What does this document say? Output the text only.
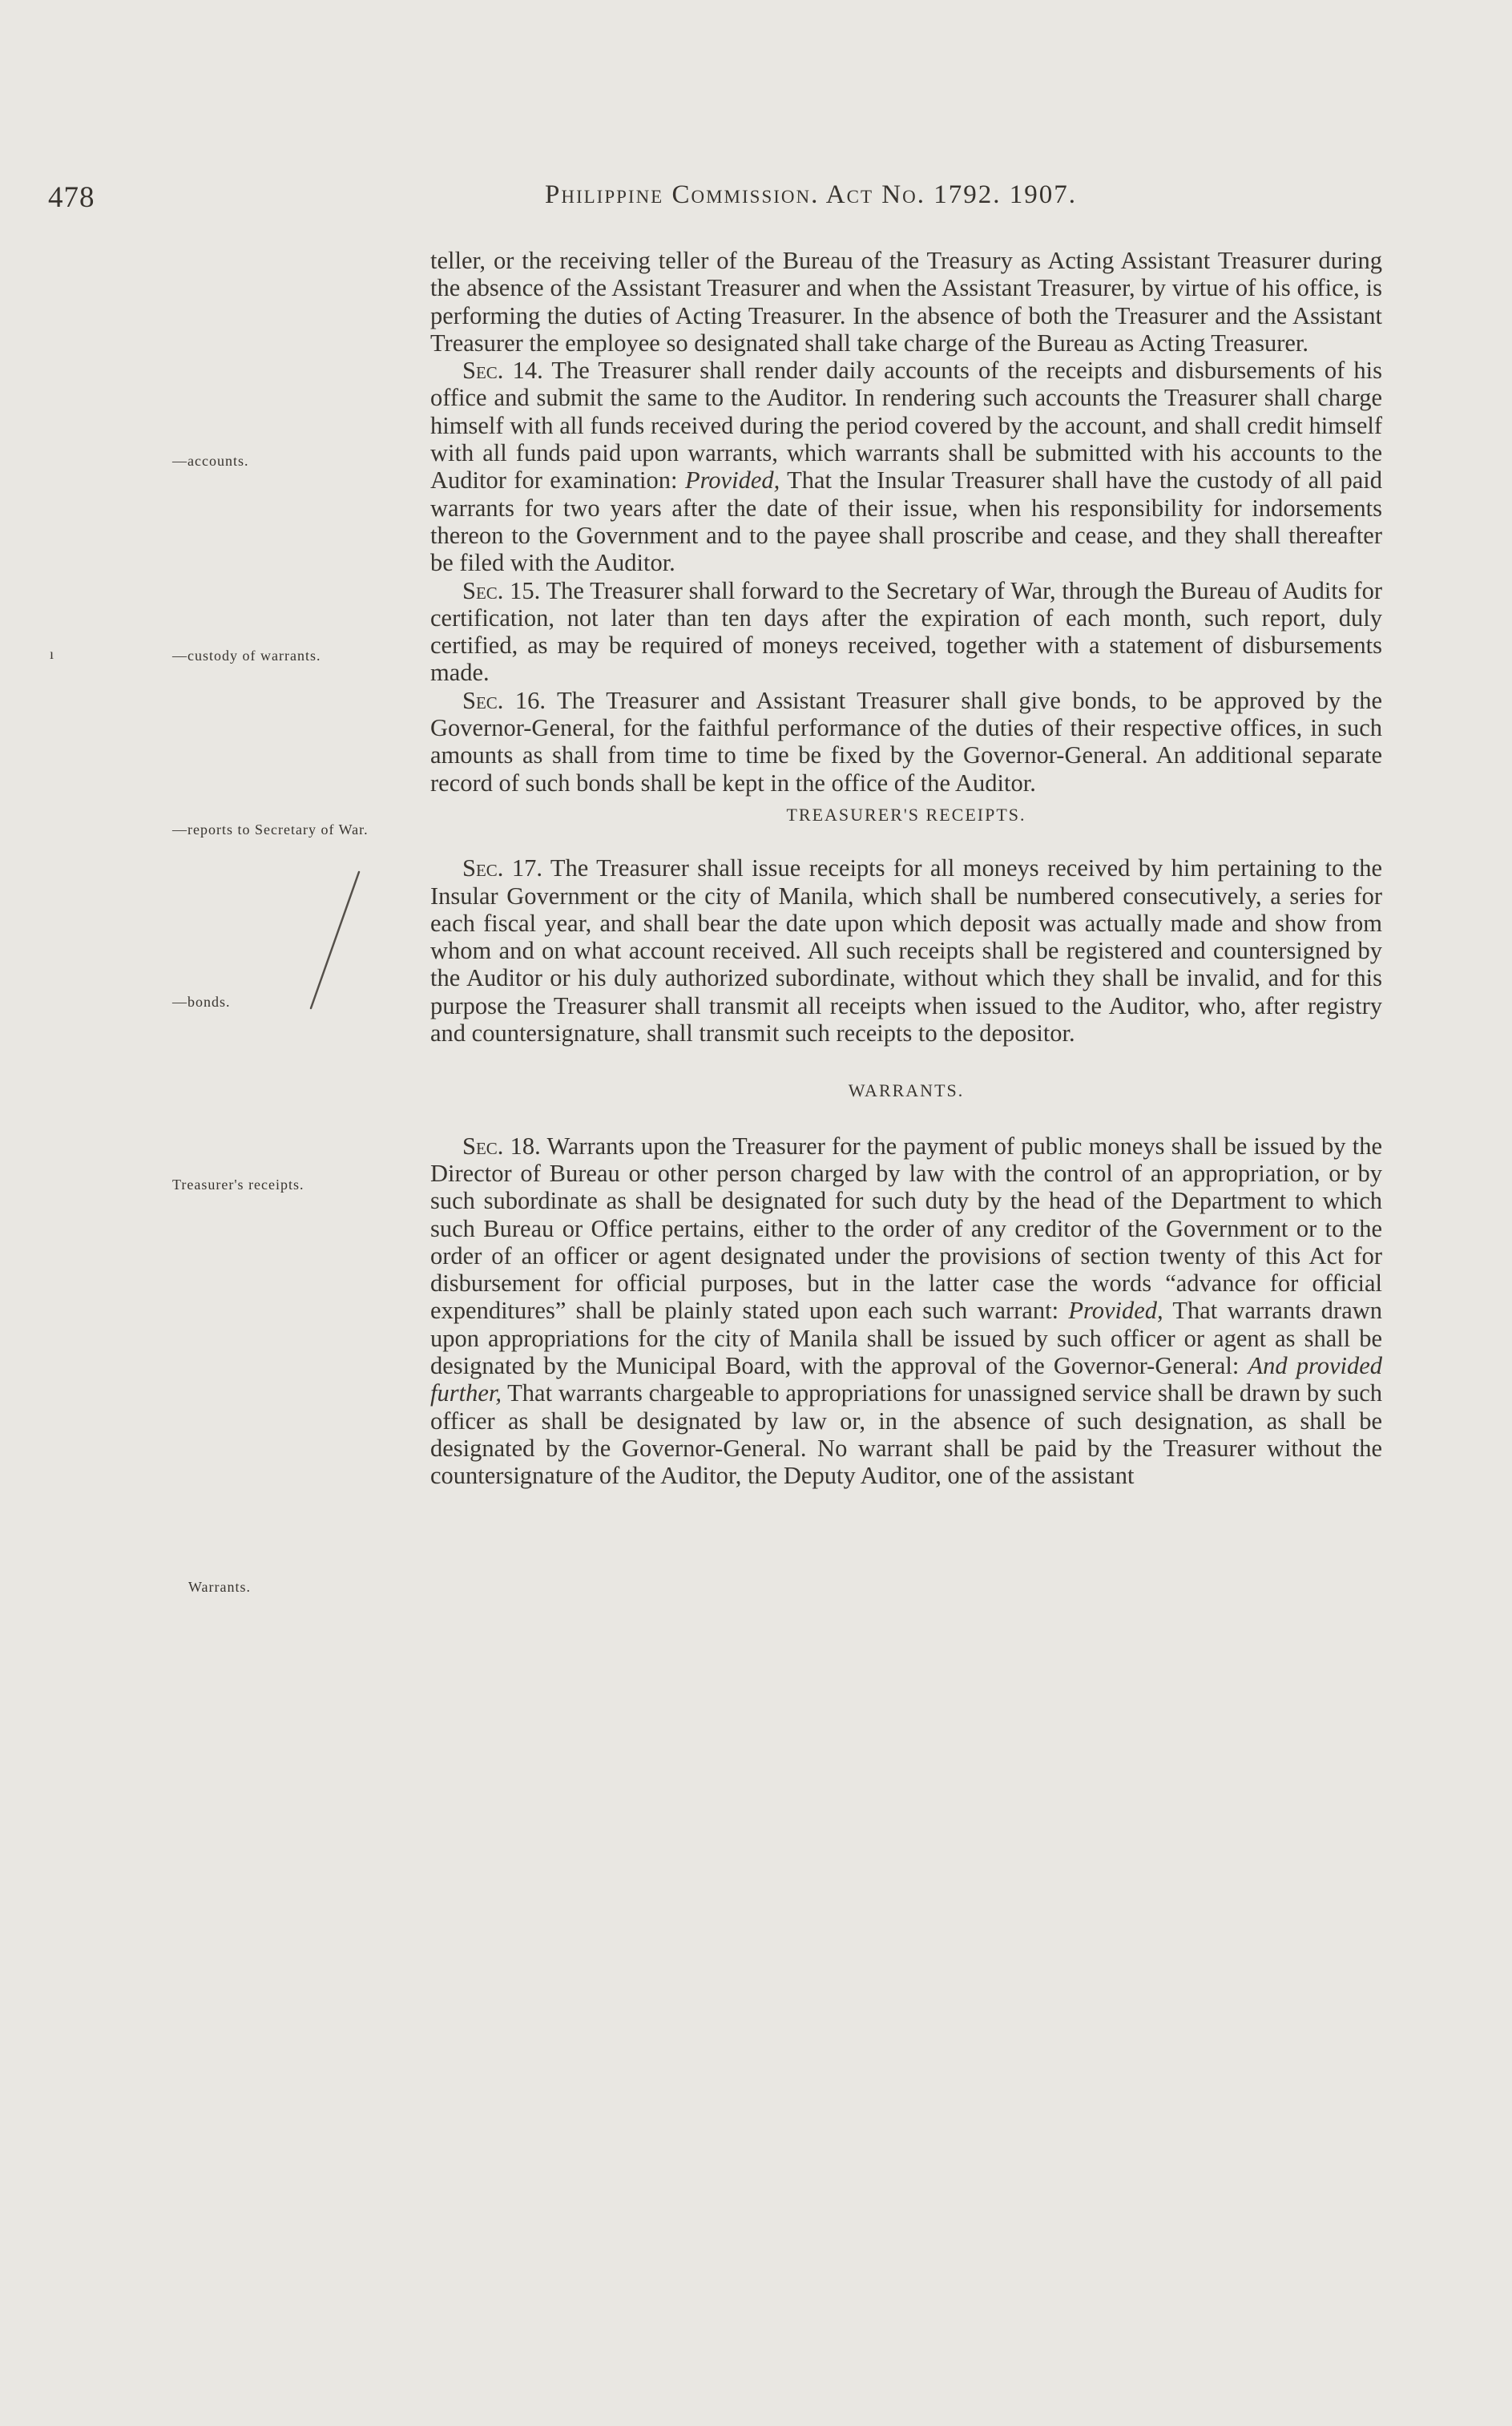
478	Philippine Commission. Act No. 1792. 1907.
ı
—accounts.
—custody of warrants.
—reports to Secretary of War.
—bonds.
Treasurer's receipts.
Warrants.

teller, or the receiving teller of the Bureau of the Treasury as Acting Assistant Treasurer during the absence of the Assistant Treasurer and when the Assistant Treasurer, by virtue of his office, is performing the duties of Acting Treasurer. In the absence of both the Treasurer and the Assistant Treasurer the employee so designated shall take charge of the Bureau as Acting Treasurer.

Sec. 14. The Treasurer shall render daily accounts of the receipts and disbursements of his office and submit the same to the Auditor. In rendering such accounts the Treasurer shall charge himself with all funds received during the period covered by the account, and shall credit himself with all funds paid upon warrants, which warrants shall be submitted with his accounts to the Auditor for examination: Provided, That the Insular Treasurer shall have the custody of all paid warrants for two years after the date of their issue, when his responsibility for indorsements thereon to the Government and to the payee shall proscribe and cease, and they shall thereafter be filed with the Auditor.

Sec. 15. The Treasurer shall forward to the Secretary of War, through the Bureau of Audits for certification, not later than ten days after the expiration of each month, such report, duly certified, as may be required of moneys received, together with a statement of disbursements made.

Sec. 16. The Treasurer and Assistant Treasurer shall give bonds, to be approved by the Governor-General, for the faithful performance of the duties of their respective offices, in such amounts as shall from time to time be fixed by the Governor-General. An additional separate record of such bonds shall be kept in the office of the Auditor.

TREASURER'S RECEIPTS.

Sec. 17. The Treasurer shall issue receipts for all moneys received by him pertaining to the Insular Government or the city of Manila, which shall be numbered consecutively, a series for each fiscal year, and shall bear the date upon which deposit was actually made and show from whom and on what account received. All such receipts shall be registered and countersigned by the Auditor or his duly authorized subordinate, without which they shall be invalid, and for this purpose the Treasurer shall transmit all receipts when issued to the Auditor, who, after registry and countersignature, shall transmit such receipts to the depositor.

WARRANTS.

Sec. 18. Warrants upon the Treasurer for the payment of public moneys shall be issued by the Director of Bureau or other person charged by law with the control of an appropriation, or by such subordinate as shall be designated for such duty by the head of the Department to which such Bureau or Office pertains, either to the order of any creditor of the Government or to the order of an officer or agent designated under the provisions of section twenty of this Act for disbursement for official purposes, but in the latter case the words “advance for official expenditures” shall be plainly stated upon each such warrant: Provided, That warrants drawn upon appropriations for the city of Manila shall be issued by such officer or agent as shall be designated by the Municipal Board, with the approval of the Governor-General: And provided further, That warrants chargeable to appropriations for unassigned service shall be drawn by such officer as shall be designated by law or, in the absence of such designation, as shall be designated by the Governor-General. No warrant shall be paid by the Treasurer without the countersignature of the Auditor, the Deputy Auditor, one of the assistant
